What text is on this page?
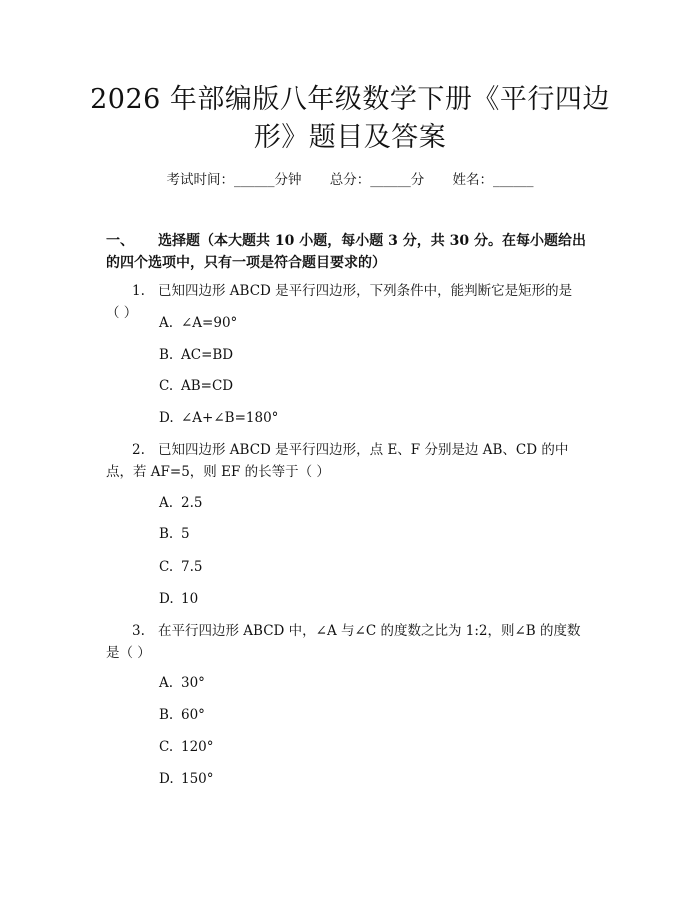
2026 年部编版八年级数学下册《平行四边
形》题目及答案
考试时间：______分钟 总分：______分 姓名：______
一、 选择题（本大题共 10 小题，每小题 3 分，共 30 分。在每小题给出的四个选项中，只有一项是符合题目要求的）
1. 已知四边形 ABCD 是平行四边形，下列条件中，能判断它是矩形的是（ ）
A. ∠A=90°
B. AC=BD
C. AB=CD
D. ∠A+∠B=180°
2. 已知四边形 ABCD 是平行四边形，点 E、F 分别是边 AB、CD 的中点，若 AF=5，则 EF 的长等于（ ）
A. 2.5
B. 5
C. 7.5
D. 10
3. 在平行四边形 ABCD 中，∠A 与∠C 的度数之比为 1:2，则∠B 的度数是（ ）
A. 30°
B. 60°
C. 120°
D. 150°
